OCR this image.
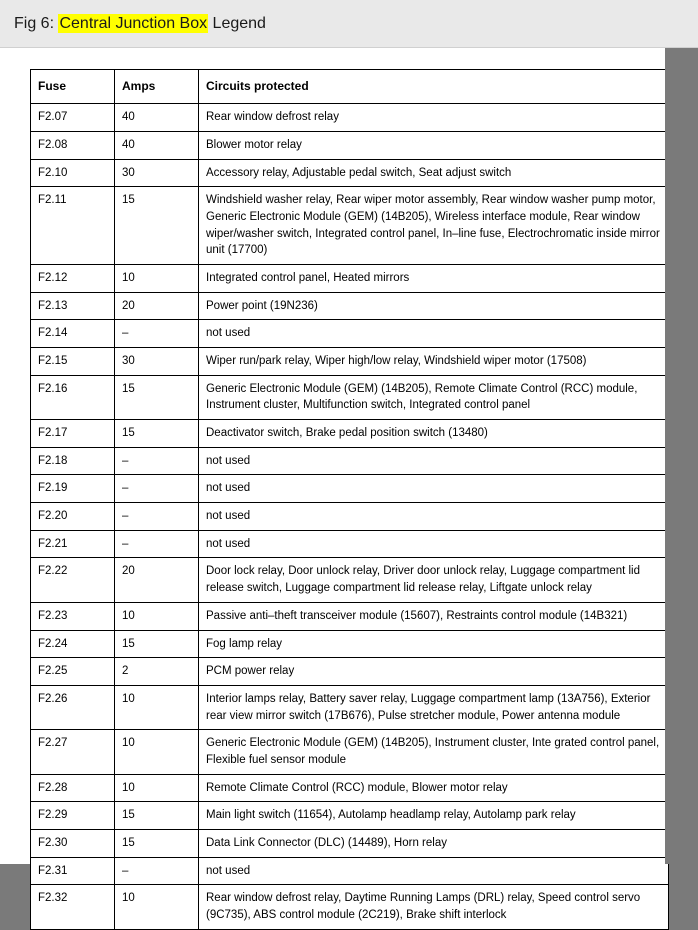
Fig 6: Central Junction Box Legend
Fuse	Amps	Circuits protected
F2.07	40	Rear window defrost relay
F2.08	40	Blower motor relay
F2.10	30	Accessory relay, Adjustable pedal switch, Seat adjust switch
F2.11	15	Windshield washer relay, Rear wiper motor assembly, Rear window washer pump motor, Generic Electronic Module (GEM) (14B205), Wireless interface module, Rear window wiper/washer switch, Integrated control panel, In–line fuse, Electrochromatic inside mirror unit (17700)
F2.12	10	Integrated control panel, Heated mirrors
F2.13	20	Power point (19N236)
F2.14	–	not used
F2.15	30	Wiper run/park relay, Wiper high/low relay, Windshield wiper motor (17508)
F2.16	15	Generic Electronic Module (GEM) (14B205), Remote Climate Control (RCC) module, Instrument cluster, Multifunction switch, Integrated control panel
F2.17	15	Deactivator switch, Brake pedal position switch (13480)
F2.18	–	not used
F2.19	–	not used
F2.20	–	not used
F2.21	–	not used
F2.22	20	Door lock relay, Door unlock relay, Driver door unlock relay, Luggage compartment lid release switch, Luggage compartment lid release relay, Liftgate unlock relay
F2.23	10	Passive anti–theft transceiver module (15607), Restraints control module (14B321)
F2.24	15	Fog lamp relay
F2.25	2	PCM power relay
F2.26	10	Interior lamps relay, Battery saver relay, Luggage compartment lamp (13A756), Exterior rear view mirror switch (17B676), Pulse stretcher module, Power antenna module
F2.27	10	Generic Electronic Module (GEM) (14B205), Instrument cluster, Inte grated control panel, Flexible fuel sensor module
F2.28	10	Remote Climate Control (RCC) module, Blower motor relay
F2.29	15	Main light switch (11654), Autolamp headlamp relay, Autolamp park relay
F2.30	15	Data Link Connector (DLC) (14489), Horn relay
F2.31	–	not used
F2.32	10	Rear window defrost relay, Daytime Running Lamps (DRL) relay, Speed control servo (9C735), ABS control module (2C219), Brake shift interlock
